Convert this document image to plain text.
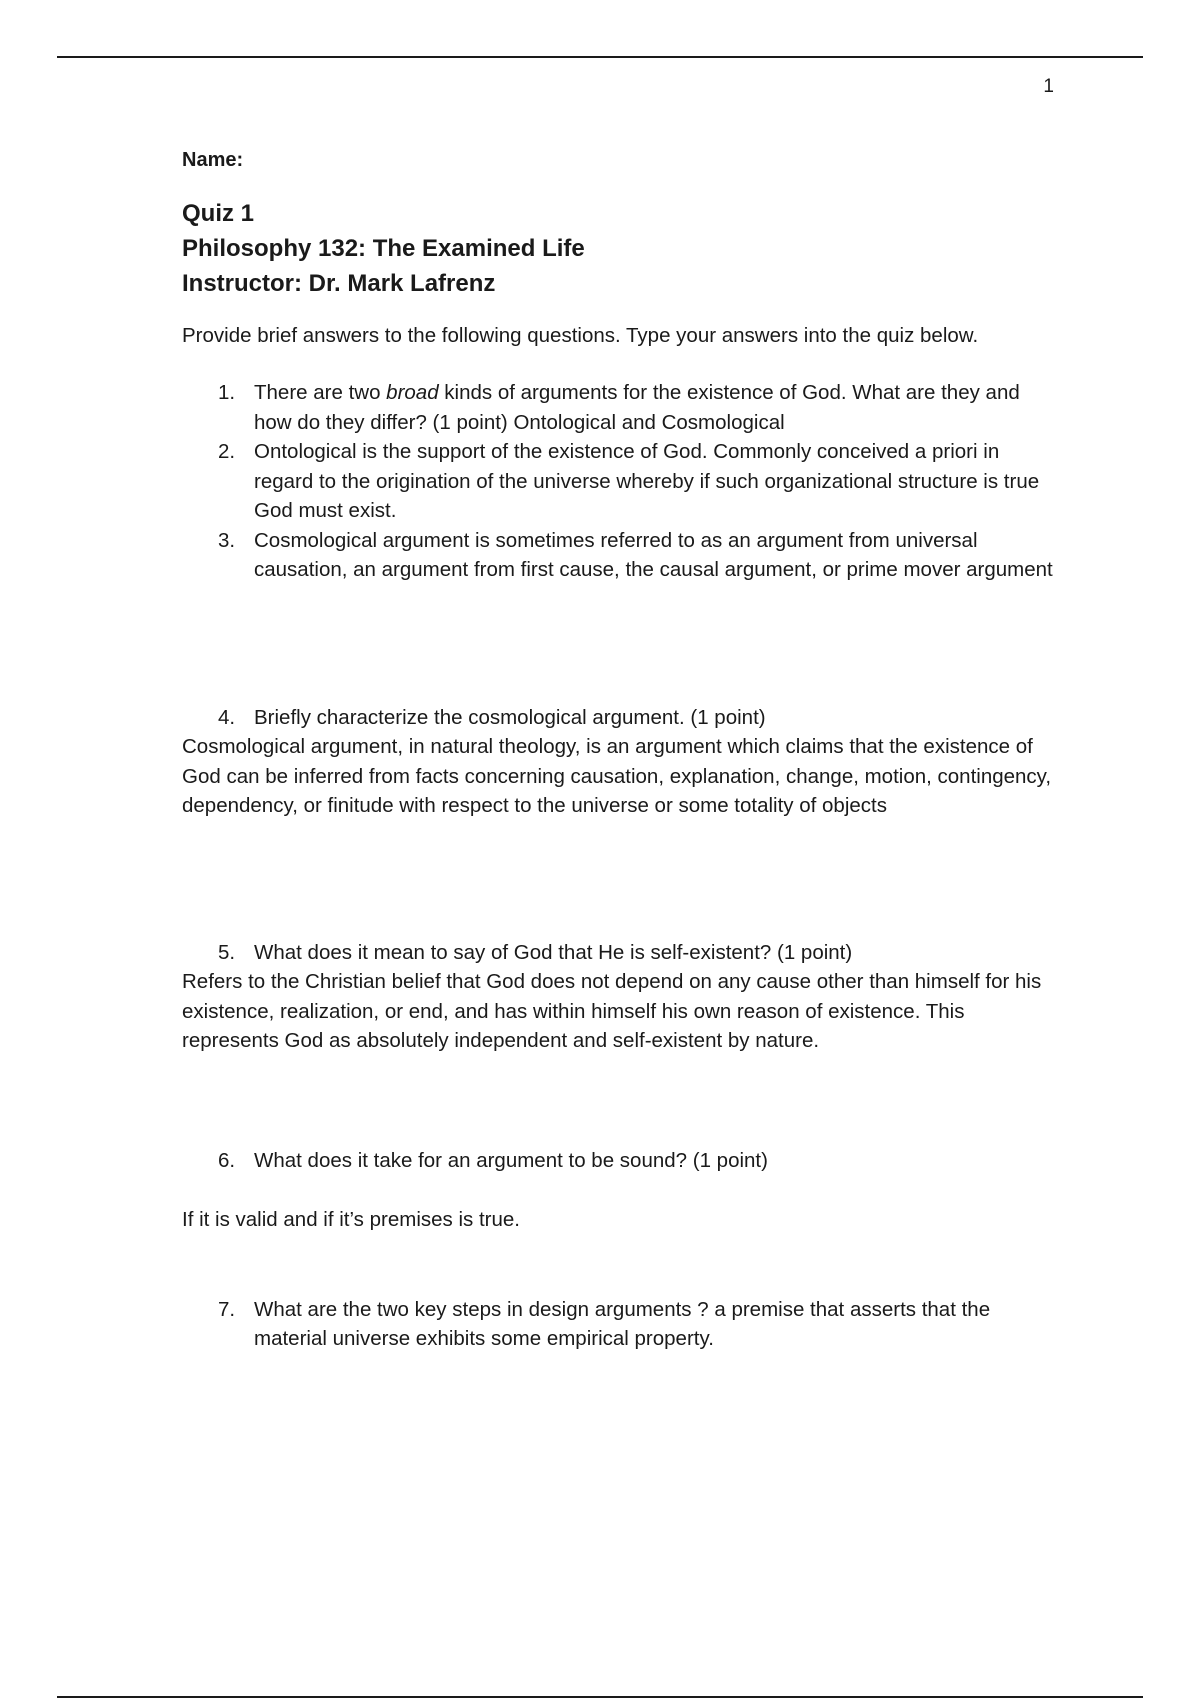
1
Name:
Quiz 1
Philosophy 132: The Examined Life
Instructor: Dr. Mark Lafrenz
Provide brief answers to the following questions. Type your answers into the quiz below.
1. There are two broad kinds of arguments for the existence of God. What are they and how do they differ? (1 point) Ontological and Cosmological
2. Ontological is the support of the existence of God. Commonly conceived a priori in regard to the origination of the universe whereby if such organizational structure is true God must exist.
3. Cosmological argument is sometimes referred to as an argument from universal causation, an argument from first cause, the causal argument, or prime mover argument
4. Briefly characterize the cosmological argument. (1 point)

Cosmological argument, in natural theology, is an argument which claims that the existence of God can be inferred from facts concerning causation, explanation, change, motion, contingency, dependency, or finitude with respect to the universe or some totality of objects

5. What does it mean to say of God that He is self-existent? (1 point)

Refers to the Christian belief that God does not depend on any cause other than himself for his existence, realization, or end, and has within himself his own reason of existence. This represents God as absolutely independent and self-existent by nature.

6. What does it take for an argument to be sound? (1 point)

If it is valid and if it’s premises is true.

7. What are the two key steps in design arguments ? a premise that asserts that the material universe exhibits some empirical property.
